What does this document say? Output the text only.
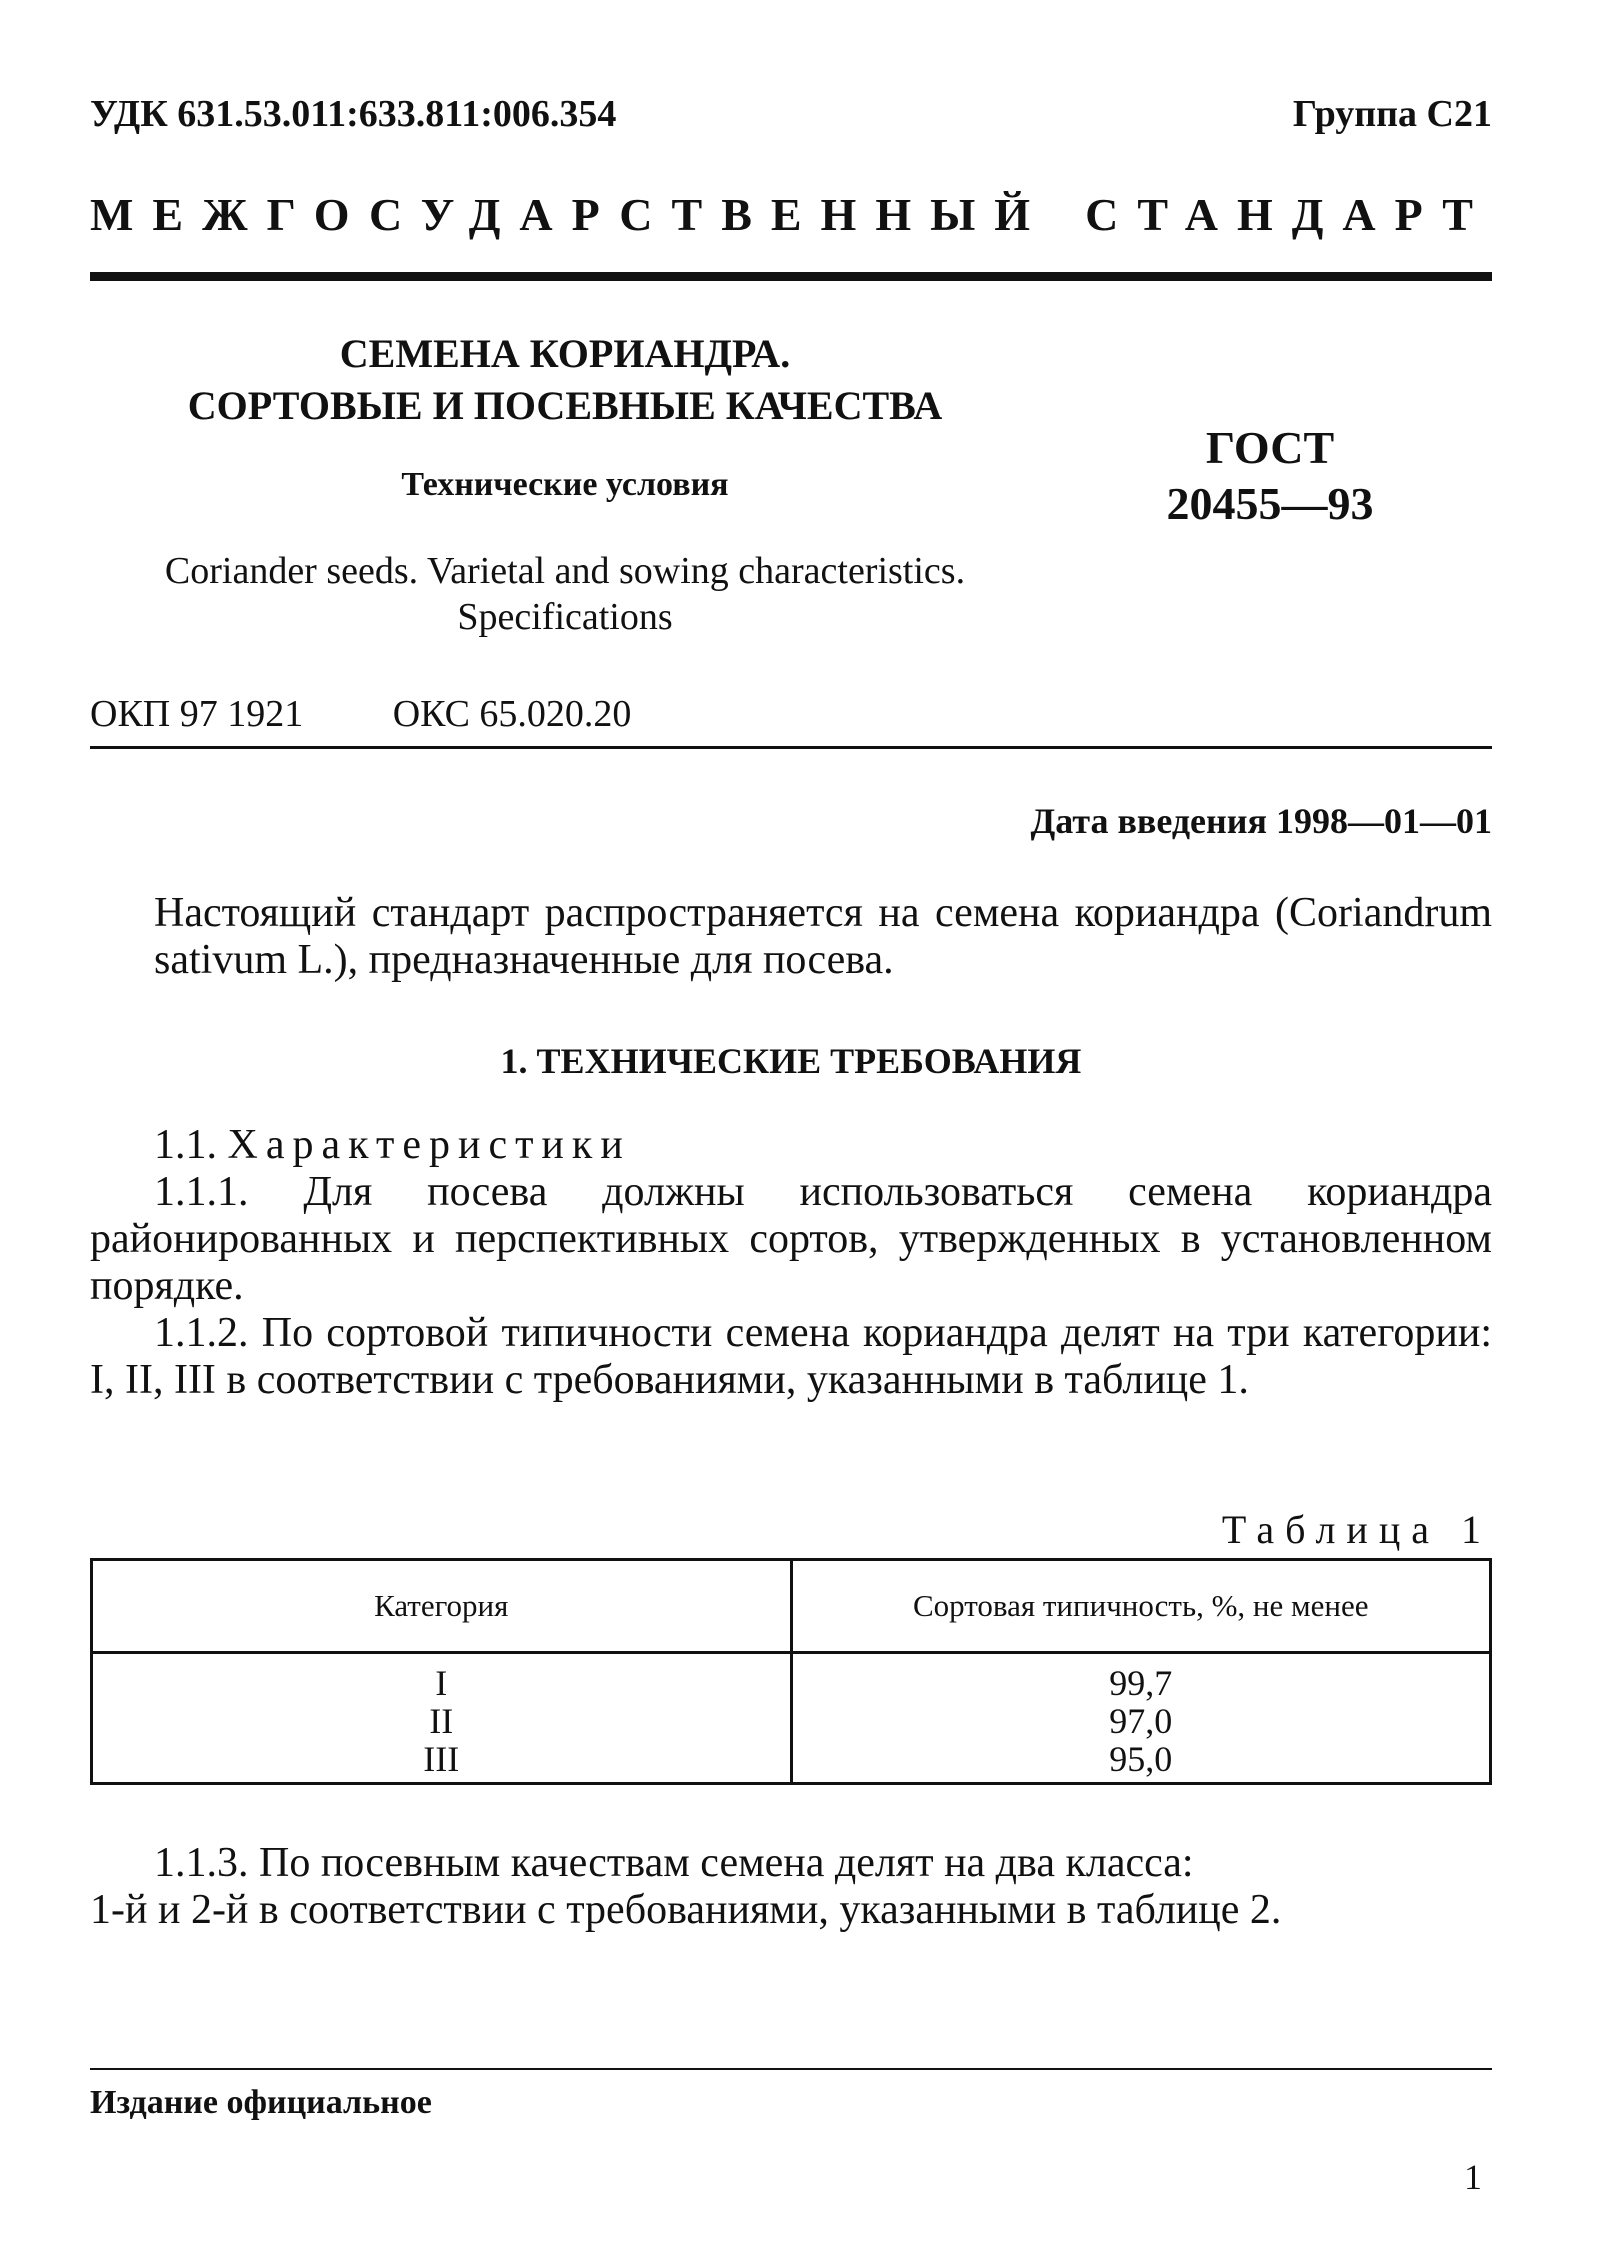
УДК 631.53.011:633.811:006.354	Группа С21
МЕЖГОСУДАРСТВЕННЫЙ СТАНДАРТ
СЕМЕНА КОРИАНДРА.
СОРТОВЫЕ И ПОСЕВНЫЕ КАЧЕСТВА
Технические условия
ГОСТ
20455—93
Coriander seeds. Varietal and sowing characteristics.
Specifications
ОКП 97 1921 ОКС 65.020.20
Дата введения 1998—01—01
Настоящий стандарт распространяется на семена кориандра (Coriandrum sativum L.), предназначенные для посева.
1. ТЕХНИЧЕСКИЕ ТРЕБОВАНИЯ
1.1. Характеристики
1.1.1. Для посева должны использоваться семена кориандра районированных и перспективных сортов, утвержденных в установленном порядке.
1.1.2. По сортовой типичности семена кориандра делят на три категории: I, II, III в соответствии с требованиями, указанными в таблице 1.
Таблица 1
Категория	Сортовая типичность, %, не менее
I	99,7
II	97,0
III	95,0
1.1.3. По посевным качествам семена делят на два класса:
1-й и 2-й в соответствии с требованиями, указанными в таблице 2.
Издание официальное
1
